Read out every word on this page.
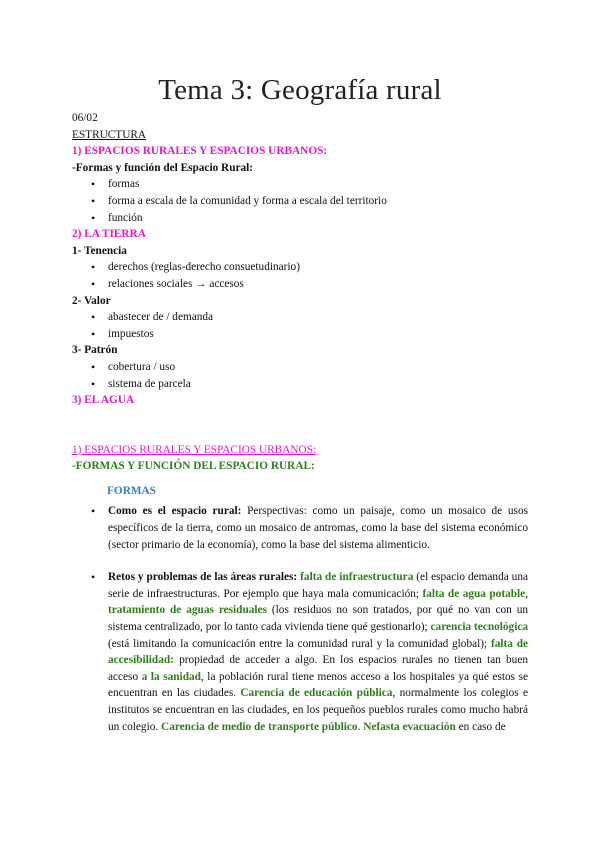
Tema 3: Geografía rural
06/02
ESTRUCTURA
1) ESPACIOS RURALES Y ESPACIOS URBANOS:
-Formas y función del Espacio Rural:
• formas
• forma a escala de la comunidad y forma a escala del territorio
• función
2) LA TIERRA
1- Tenencia
• derechos (reglas-derecho consuetudinario)
• relaciones sociales → accesos
2- Valor
• abastecer de / demanda
• impuestos
3- Patrón
• cobertura / uso
• sistema de parcela
3) EL AGUA
1) ESPACIOS RURALES Y ESPACIOS URBANOS:
-FORMAS Y FUNCIÓN DEL ESPACIO RURAL:
FORMAS
• Como es el espacio rural: Perspectivas: como un paisaje, como un mosaico de usos específicos de la tierra, como un mosaico de antromas, como la base del sistema económico (sector primario de la economía), como la base del sistema alimenticio.
• Retos y problemas de las áreas rurales: falta de infraestructura (el espacio demanda una serie de infraestructuras. Por ejemplo que haya mala comunicación; falta de agua potable, tratamiento de aguas residuales (los residuos no son tratados, por qué no van con un sistema centralizado, por lo tanto cada vivienda tiene qué gestionarlo); carencia tecnológica (está limitando la comunicación entre la comunidad rural y la comunidad global); falta de accesibilidad: propiedad de acceder a algo. En los espacios rurales no tienen tan buen acceso a la sanidad, la población rural tiene menos acceso a los hospitales ya qué estos se encuentran en las ciudades. Carencia de educación pública, normalmente los colegios e institutos se encuentran en las ciudades, en los pequeños pueblos rurales como mucho habrá un colegio. Carencia de medio de transporte público. Nefasta evacuación en caso de
